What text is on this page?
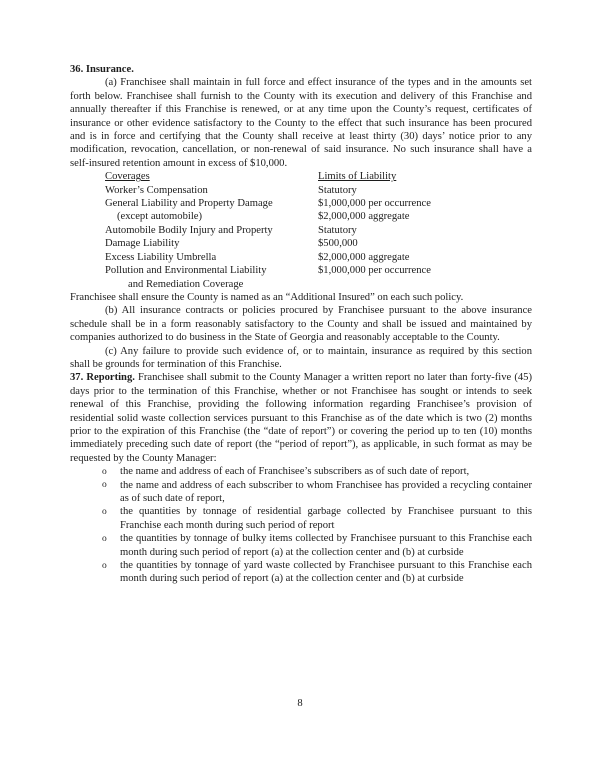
36. Insurance.

(a) Franchisee shall maintain in full force and effect insurance of the types and in the amounts set forth below. Franchisee shall furnish to the County with its execution and delivery of this Franchise and annually thereafter if this Franchise is renewed, or at any time upon the County’s request, certificates of insurance or other evidence satisfactory to the County to the effect that such insurance has been procured and is in force and certifying that the County shall receive at least thirty (30) days’ notice prior to any modification, revocation, cancellation, or non-renewal of said insurance. No such insurance shall have a self-insured retention amount in excess of $10,000.

Coverages	Limits of Liability
Worker’s Compensation	Statutory
General Liability and Property Damage	$1,000,000 per occurrence
(except automobile)	$2,000,000 aggregate
Automobile Bodily Injury and Property	Statutory
Damage Liability	$500,000
Excess Liability Umbrella	$2,000,000 aggregate
Pollution and Environmental Liability	$1,000,000 per occurrence
and Remediation Coverage

Franchisee shall ensure the County is named as an “Additional Insured” on each such policy.

(b) All insurance contracts or policies procured by Franchisee pursuant to the above insurance schedule shall be in a form reasonably satisfactory to the County and shall be issued and maintained by companies authorized to do business in the State of Georgia and reasonably acceptable to the County.

(c) Any failure to provide such evidence of, or to maintain, insurance as required by this section shall be grounds for termination of this Franchise.

37. Reporting. Franchisee shall submit to the County Manager a written report no later than forty-five (45) days prior to the termination of this Franchise, whether or not Franchisee has sought or intends to seek renewal of this Franchise, providing the following information regarding Franchisee’s provision of residential solid waste collection services pursuant to this Franchise as of the date which is two (2) months prior to the expiration of this Franchise (the “date of report”) or covering the period up to ten (10) months immediately preceding such date of report (the “period of report”), as applicable, in such format as may be requested by the County Manager:

o the name and address of each of Franchisee’s subscribers as of such date of report,
o the name and address of each subscriber to whom Franchisee has provided a recycling container as of such date of report,
o the quantities by tonnage of residential garbage collected by Franchisee pursuant to this Franchise each month during such period of report
o the quantities by tonnage of bulky items collected by Franchisee pursuant to this Franchise each month during such period of report (a) at the collection center and (b) at curbside
o the quantities by tonnage of yard waste collected by Franchisee pursuant to this Franchise each month during such period of report (a) at the collection center and (b) at curbside
8
